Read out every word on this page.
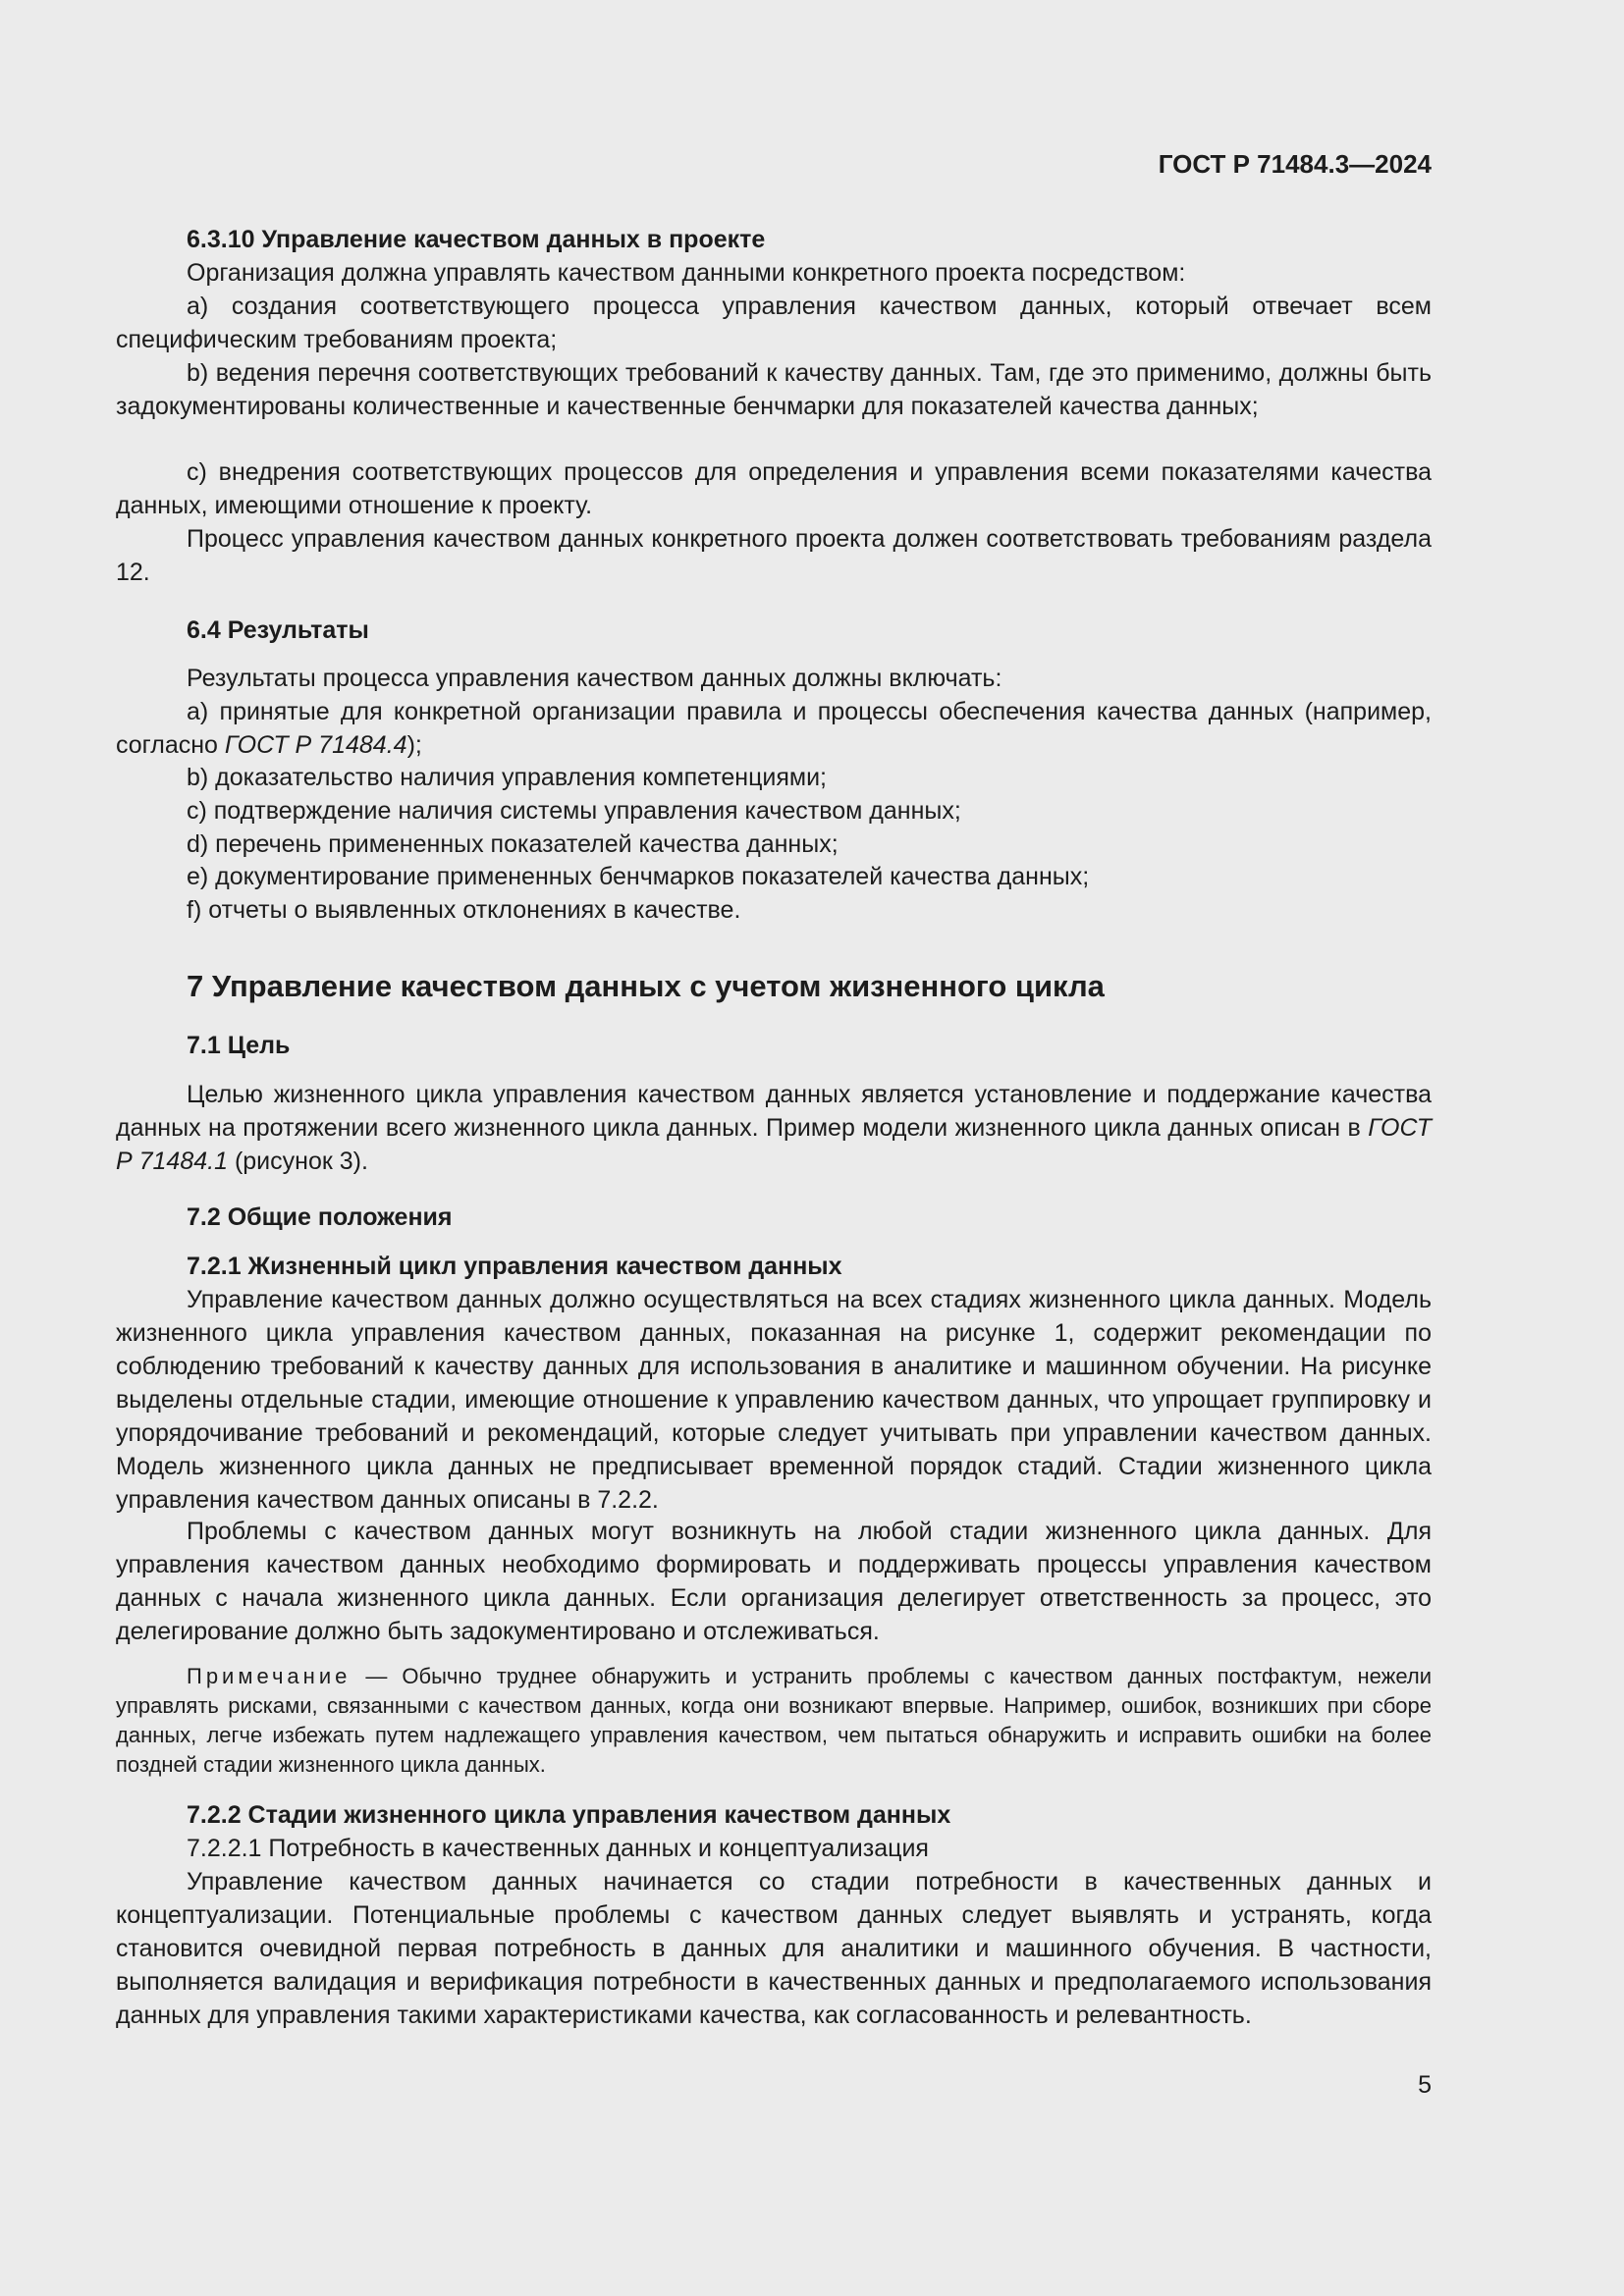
ГОСТ Р 71484.3—2024
6.3.10 Управление качеством данных в проекте

Организация должна управлять качеством данными конкретного проекта посредством:

a) создания соответствующего процесса управления качеством данных, который отвечает всем специфическим требованиям проекта;

b) ведения перечня соответствующих требований к качеству данных. Там, где это применимо, должны быть задокументированы количественные и качественные бенчмарки для показателей качества данных;

c) внедрения соответствующих процессов для определения и управления всеми показателями качества данных, имеющими отношение к проекту.

Процесс управления качеством данных конкретного проекта должен соответствовать требованиям раздела 12.

6.4 Результаты

Результаты процесса управления качеством данных должны включать:

a) принятые для конкретной организации правила и процессы обеспечения качества данных (например, согласно ГОСТ Р 71484.4);

b) доказательство наличия управления компетенциями;

c) подтверждение наличия системы управления качеством данных;

d) перечень примененных показателей качества данных;

e) документирование примененных бенчмарков показателей качества данных;

f) отчеты о выявленных отклонениях в качестве.

7 Управление качеством данных с учетом жизненного цикла
7.1 Цель

Целью жизненного цикла управления качеством данных является установление и поддержание качества данных на протяжении всего жизненного цикла данных. Пример модели жизненного цикла данных описан в ГОСТ Р 71484.1 (рисунок 3).

7.2 Общие положения
7.2.1 Жизненный цикл управления качеством данных

Управление качеством данных должно осуществляться на всех стадиях жизненного цикла данных. Модель жизненного цикла управления качеством данных, показанная на рисунке 1, содержит рекомендации по соблюдению требований к качеству данных для использования в аналитике и машинном обучении. На рисунке выделены отдельные стадии, имеющие отношение к управлению качеством данных, что упрощает группировку и упорядочивание требований и рекомендаций, которые следует учитывать при управлении качеством данных. Модель жизненного цикла данных не предписывает временной порядок стадий. Стадии жизненного цикла управления качеством данных описаны в 7.2.2.

Проблемы с качеством данных могут возникнуть на любой стадии жизненного цикла данных. Для управления качеством данных необходимо формировать и поддерживать процессы управления качеством данных с начала жизненного цикла данных. Если организация делегирует ответственность за процесс, это делегирование должно быть задокументировано и отслеживаться.

Примечание — Обычно труднее обнаружить и устранить проблемы с качеством данных постфактум, нежели управлять рисками, связанными с качеством данных, когда они возникают впервые. Например, ошибок, возникших при сборе данных, легче избежать путем надлежащего управления качеством, чем пытаться обнаружить и исправить ошибки на более поздней стадии жизненного цикла данных.

7.2.2 Стадии жизненного цикла управления качеством данных
7.2.2.1 Потребность в качественных данных и концептуализация

Управление качеством данных начинается со стадии потребности в качественных данных и концептуализации. Потенциальные проблемы с качеством данных следует выявлять и устранять, когда становится очевидной первая потребность в данных для аналитики и машинного обучения. В частности, выполняется валидация и верификация потребности в качественных данных и предполагаемого использования данных для управления такими характеристиками качества, как согласованность и релевантность.

5
